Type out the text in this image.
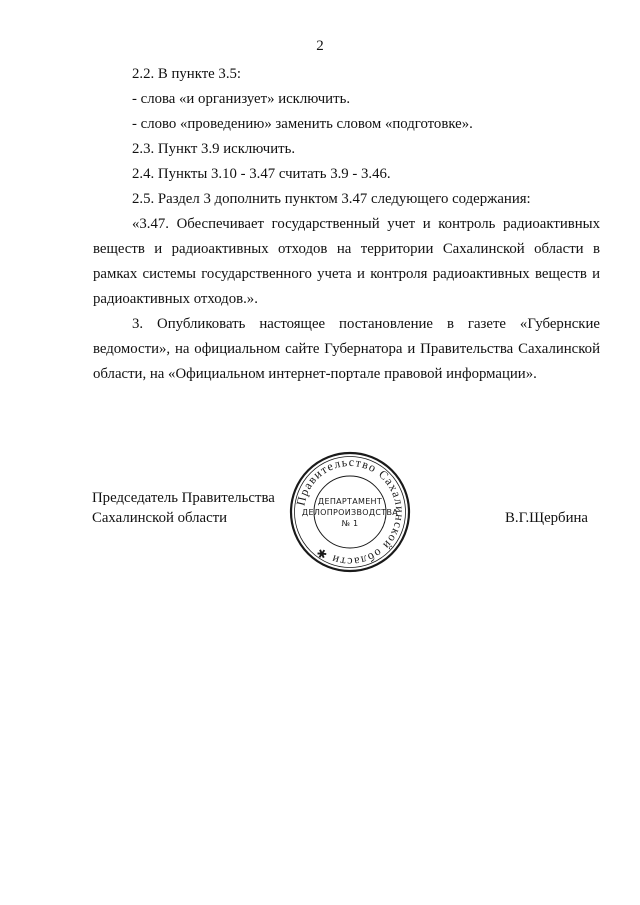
2

2.2. В пункте 3.5:

- слова «и организует» исключить.

- слово «проведению» заменить словом «подготовке».

2.3. Пункт 3.9 исключить.

2.4. Пункты 3.10 - 3.47 считать 3.9 - 3.46.

2.5. Раздел 3 дополнить пунктом 3.47 следующего содержания:

«3.47. Обеспечивает государственный учет и контроль радиоактивных веществ и радиоактивных отходов на территории Сахалинской области в рамках системы государственного учета и контроля радиоактивных веществ и радиоактивных отходов.».

3. Опубликовать настоящее постановление в газете «Губернские ведомости», на официальном сайте Губернатора и Правительства Сахалинской области, на «Официальном интернет-портале правовой информации».

Председатель Правительства
Сахалинской области	В.Г.Щербина
Правительство Сахалинской области ✱
ДЕПАРТАМЕНТ
ДЕЛОПРОИЗВОДСТВА
№ 1
